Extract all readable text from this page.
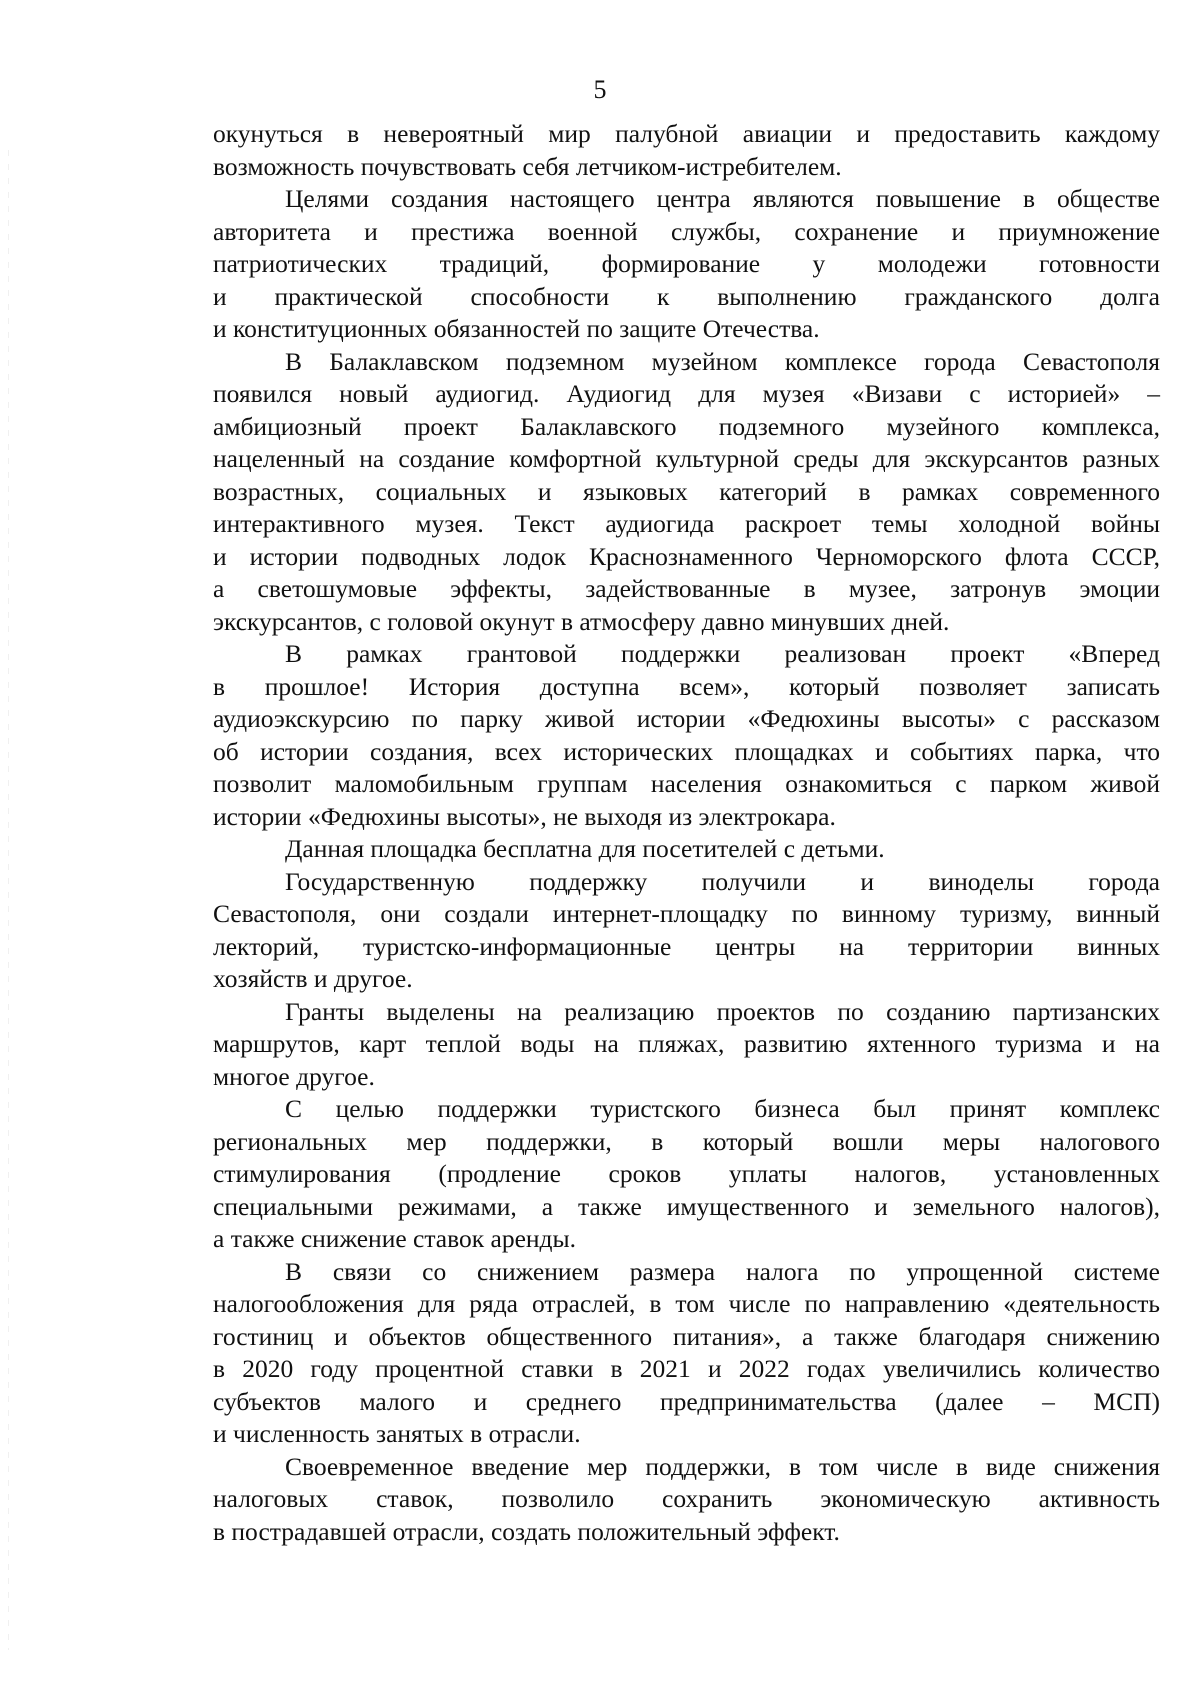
5
окунуться в невероятный мир палубной авиации и предоставить каждому
возможность почувствовать себя летчиком-истребителем.
Целями создания настоящего центра являются повышение в обществе
авторитета и престижа военной службы, сохранение и приумножение
патриотических традиций, формирование у молодежи готовности
и практической способности к выполнению гражданского долга
и конституционных обязанностей по защите Отечества.
В Балаклавском подземном музейном комплексе города Севастополя
появился новый аудиогид. Аудиогид для музея «Визави с историей» –
амбициозный проект Балаклавского подземного музейного комплекса,
нацеленный на создание комфортной культурной среды для экскурсантов разных
возрастных, социальных и языковых категорий в рамках современного
интерактивного музея. Текст аудиогида раскроет темы холодной войны
и истории подводных лодок Краснознаменного Черноморского флота СССР,
а светошумовые эффекты, задействованные в музее, затронув эмоции
экскурсантов, с головой окунут в атмосферу давно минувших дней.
В рамках грантовой поддержки реализован проект «Вперед
в прошлое! История доступна всем», который позволяет записать
аудиоэкскурсию по парку живой истории «Федюхины высоты» с рассказом
об истории создания, всех исторических площадках и событиях парка, что
позволит маломобильным группам населения ознакомиться с парком живой
истории «Федюхины высоты», не выходя из электрокара.
Данная площадка бесплатна для посетителей с детьми.
Государственную поддержку получили и виноделы города
Севастополя, они создали интернет-площадку по винному туризму, винный
лекторий, туристско-информационные центры на территории винных
хозяйств и другое.
Гранты выделены на реализацию проектов по созданию партизанских
маршрутов, карт теплой воды на пляжах, развитию яхтенного туризма и на
многое другое.
С целью поддержки туристского бизнеса был принят комплекс
региональных мер поддержки, в который вошли меры налогового
стимулирования (продление сроков уплаты налогов, установленных
специальными режимами, а также имущественного и земельного налогов),
а также снижение ставок аренды.
В связи со снижением размера налога по упрощенной системе
налогообложения для ряда отраслей, в том числе по направлению «деятельность
гостиниц и объектов общественного питания», а также благодаря снижению
в 2020 году процентной ставки в 2021 и 2022 годах увеличились количество
субъектов малого и среднего предпринимательства (далее – МСП)
и численность занятых в отрасли.
Своевременное введение мер поддержки, в том числе в виде снижения
налоговых ставок, позволило сохранить экономическую активность
в пострадавшей отрасли, создать положительный эффект.
